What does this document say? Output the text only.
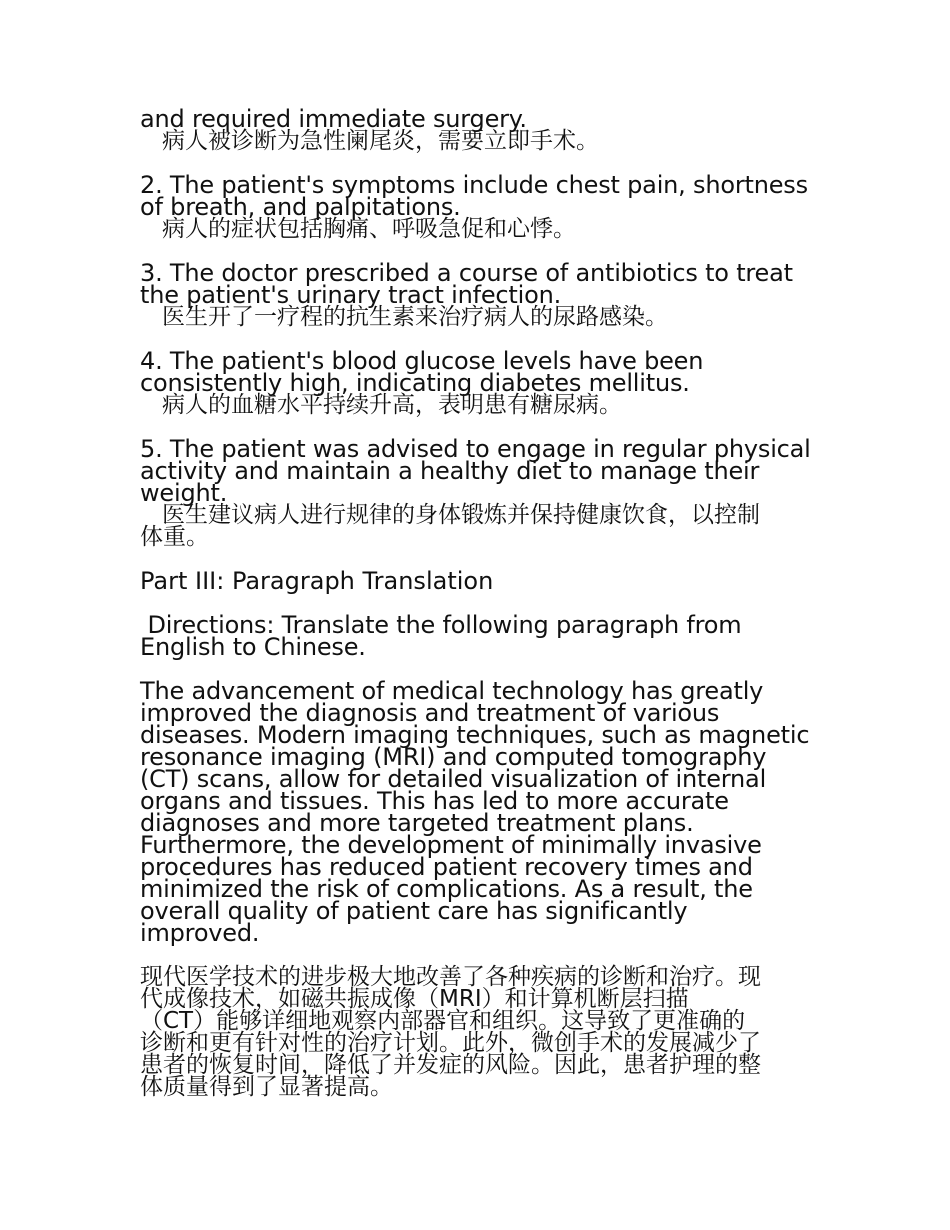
and required immediate surgery.
病人被诊断为急性阑尾炎，需要立即手术。
2. The patient's symptoms include chest pain, shortness
of breath, and palpitations.
病人的症状包括胸痛、呼吸急促和心悸。
3. The doctor prescribed a course of antibiotics to treat
the patient's urinary tract infection.
医生开了一疗程的抗生素来治疗病人的尿路感染。
4. The patient's blood glucose levels have been
consistently high, indicating diabetes mellitus.
病人的血糖水平持续升高，表明患有糖尿病。
5. The patient was advised to engage in regular physical
activity and maintain a healthy diet to manage their
weight.
医生建议病人进行规律的身体锻炼并保持健康饮食，以控制
体重。
Part III: Paragraph Translation
Directions: Translate the following paragraph from
English to Chinese.
The advancement of medical technology has greatly
improved the diagnosis and treatment of various
diseases. Modern imaging techniques, such as magnetic
resonance imaging (MRI) and computed tomography
(CT) scans, allow for detailed visualization of internal
organs and tissues. This has led to more accurate
diagnoses and more targeted treatment plans.
Furthermore, the development of minimally invasive
procedures has reduced patient recovery times and
minimized the risk of complications. As a result, the
overall quality of patient care has significantly
improved.
现代医学技术的进步极大地改善了各种疾病的诊断和治疗。现
代成像技术，如磁共振成像（MRI）和计算机断层扫描
（CT）能够详细地观察内部器官和组织。这导致了更准确的
诊断和更有针对性的治疗计划。此外，微创手术的发展减少了
患者的恢复时间，降低了并发症的风险。因此，患者护理的整
体质量得到了显著提高。
